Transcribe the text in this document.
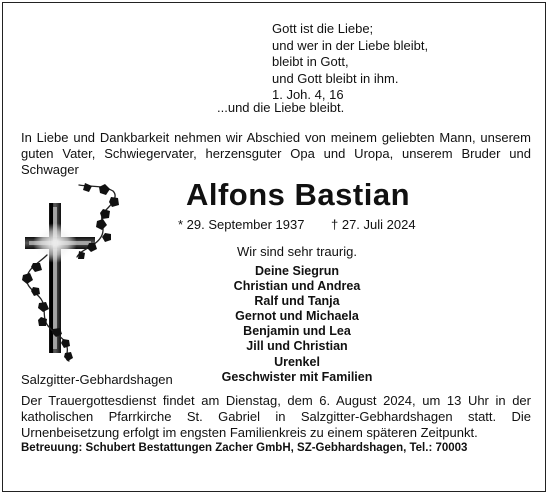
Gott ist die Liebe;
und wer in der Liebe bleibt,
bleibt in Gott,
und Gott bleibt in ihm.
1. Joh. 4, 16
...und die Liebe bleibt.
In Liebe und Dankbarkeit nehmen wir Abschied von meinem geliebten Mann, unserem guten Vater, Schwiegervater, herzensguter Opa und Uropa, unserem Bruder und Schwager
Alfons Bastian
* 29. September 1937 † 27. Juli 2024
Wir sind sehr traurig.
Deine Siegrun
Christian und Andrea
Ralf und Tanja
Gernot und Michaela
Benjamin und Lea
Jill und Christian
Urenkel
Geschwister mit Familien
Salzgitter-Gebhardshagen
Der Trauergottesdienst findet am Dienstag, dem 6. August 2024, um 13 Uhr in der katholischen Pfarrkirche St. Gabriel in Salzgitter-Gebhardshagen statt. Die Urnenbeisetzung erfolgt im engsten Familienkreis zu einem späteren Zeitpunkt.
Betreuung: Schubert Bestattungen Zacher GmbH, SZ-Gebhardshagen, Tel.: 70003
